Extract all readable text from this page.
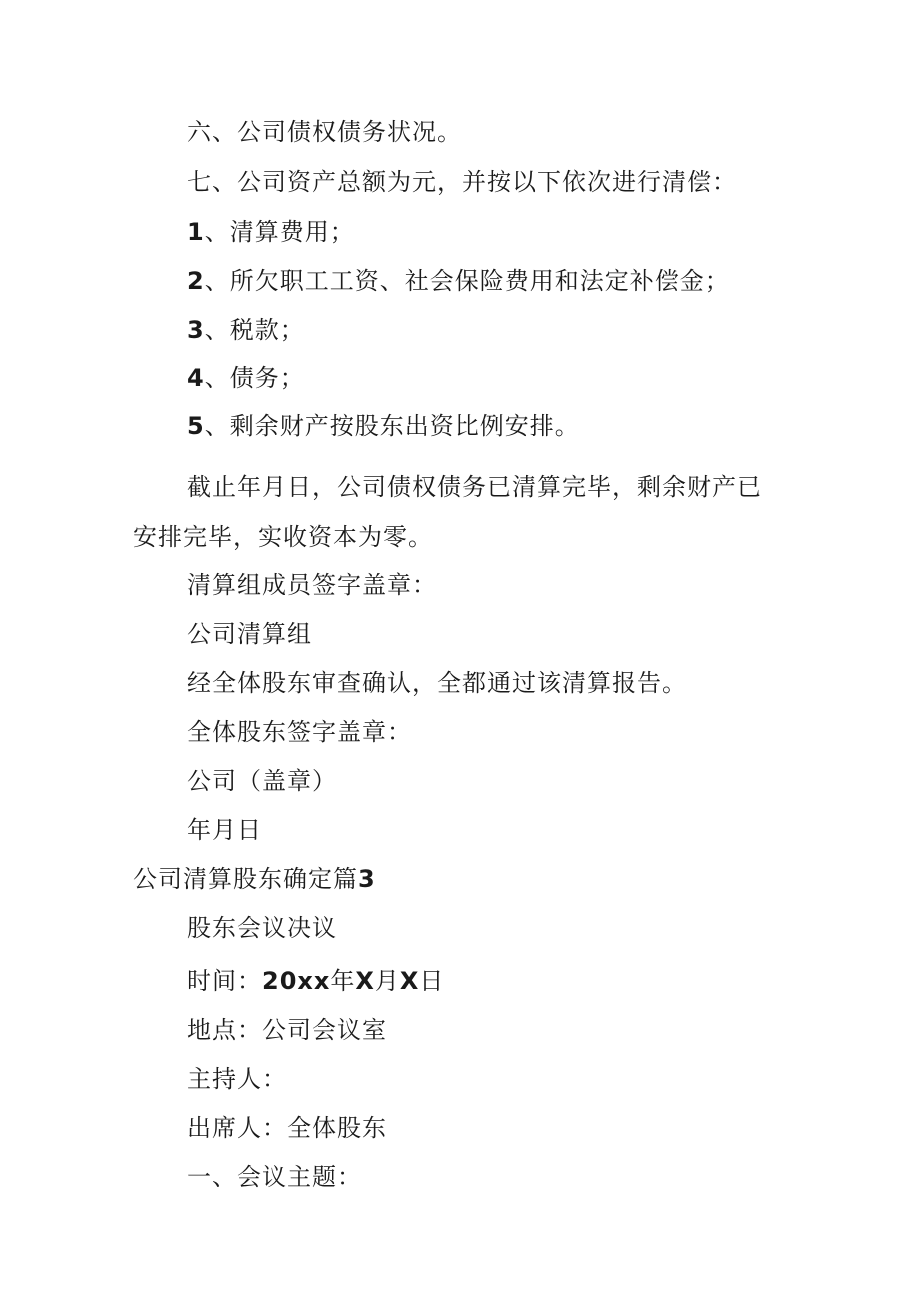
六、公司债权债务状况。
七、公司资产总额为元，并按以下依次进行清偿：
1、清算费用；
2、所欠职工工资、社会保险费用和法定补偿金；
3、税款；
4、债务；
5、剩余财产按股东出资比例安排。
截止年月日，公司债权债务已清算完毕，剩余财产已安排完毕，实收资本为零。
清算组成员签字盖章：
公司清算组
经全体股东审查确认，全都通过该清算报告。
全体股东签字盖章：
公司（盖章）
年月日
公司清算股东确定篇3
股东会议决议
时间：20xx年X月X日
地点：公司会议室
主持人：
出席人：全体股东
一、会议主题：
